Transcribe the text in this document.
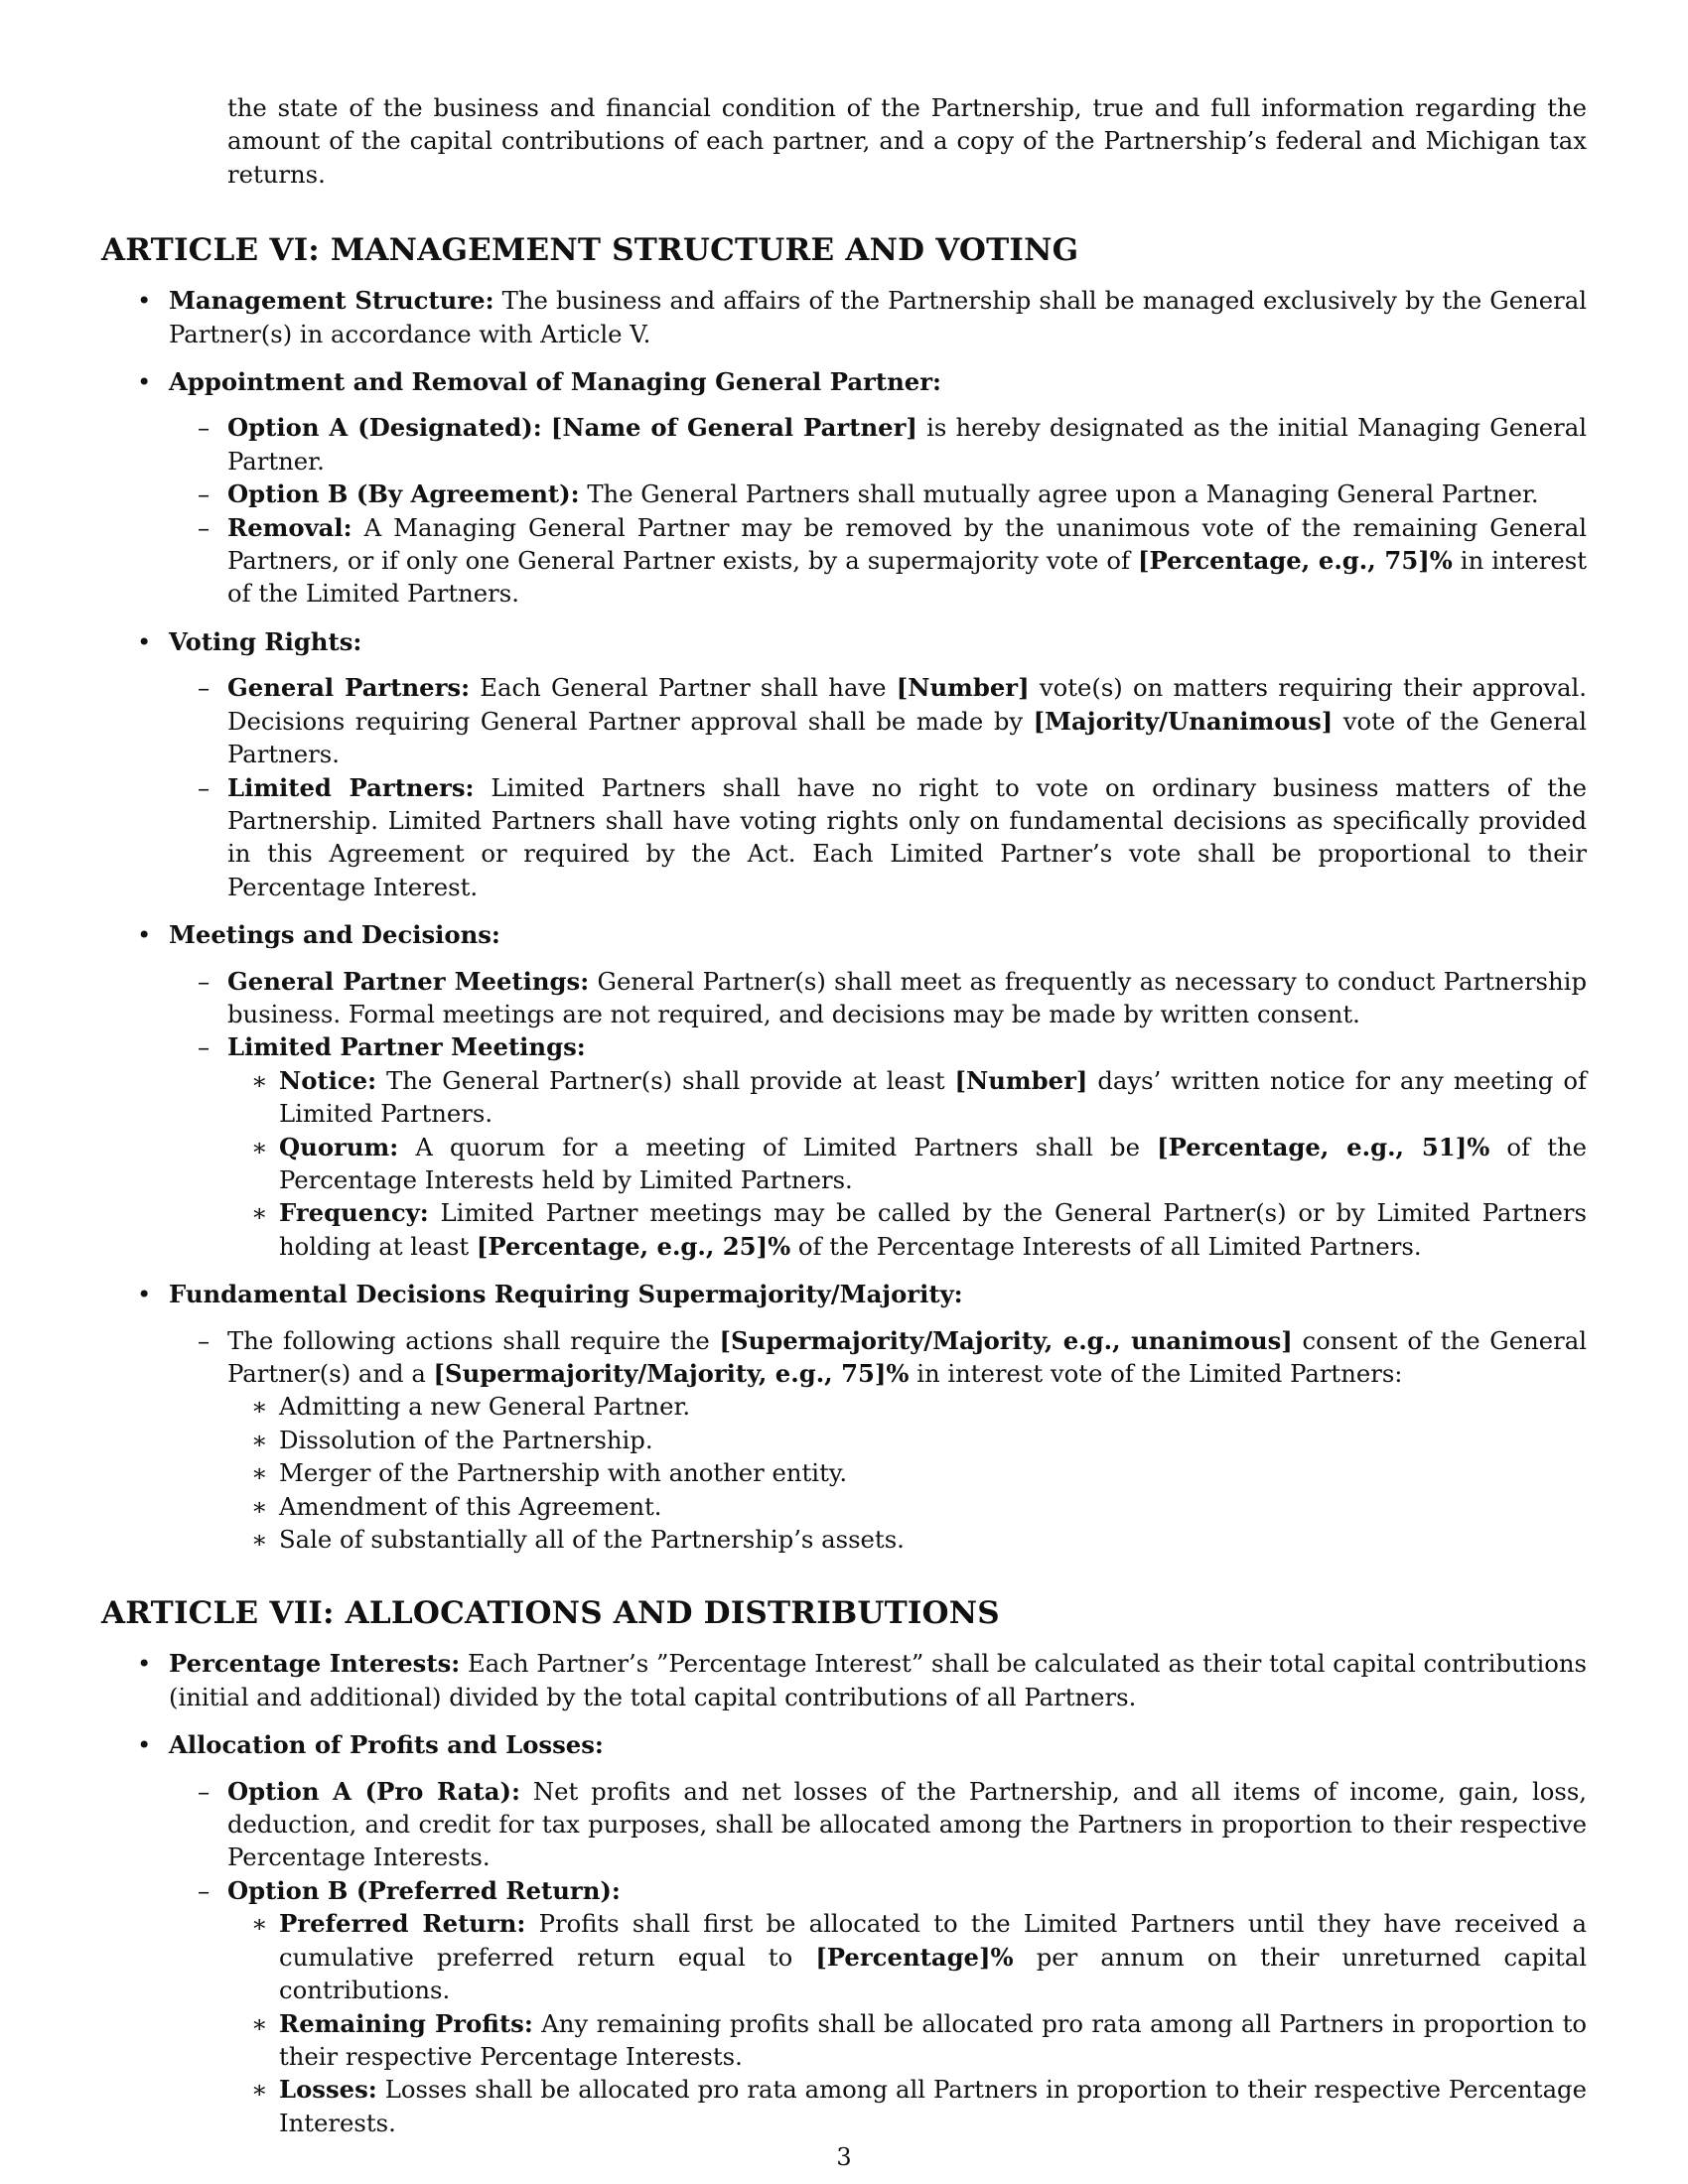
the state of the business and financial condition of the Partnership, true and full information regarding the amount of the capital contributions of each partner, and a copy of the Partnership’s federal and Michigan tax returns.
ARTICLE VI: MANAGEMENT STRUCTURE AND VOTING
• Management Structure: The business and affairs of the Partnership shall be managed exclusively by the General Partner(s) in accordance with Article V.
• Appointment and Removal of Managing General Partner:
– Option A (Designated): [Name of General Partner] is hereby designated as the initial Managing General Partner.
– Option B (By Agreement): The General Partners shall mutually agree upon a Managing General Partner.
– Removal: A Managing General Partner may be removed by the unanimous vote of the remaining General Partners, or if only one General Partner exists, by a supermajority vote of [Percentage, e.g., 75]% in interest of the Limited Partners.
• Voting Rights:
– General Partners: Each General Partner shall have [Number] vote(s) on matters requiring their approval. Decisions requiring General Partner approval shall be made by [Majority/Unanimous] vote of the General Partners.
– Limited Partners: Limited Partners shall have no right to vote on ordinary business matters of the Partnership. Limited Partners shall have voting rights only on fundamental decisions as specifically provided in this Agreement or required by the Act. Each Limited Partner’s vote shall be proportional to their Percentage Interest.
• Meetings and Decisions:
– General Partner Meetings: General Partner(s) shall meet as frequently as necessary to conduct Partnership business. Formal meetings are not required, and decisions may be made by written consent.
– Limited Partner Meetings:
∗ Notice: The General Partner(s) shall provide at least [Number] days’ written notice for any meeting of Limited Partners.
∗ Quorum: A quorum for a meeting of Limited Partners shall be [Percentage, e.g., 51]% of the Percentage Interests held by Limited Partners.
∗ Frequency: Limited Partner meetings may be called by the General Partner(s) or by Limited Partners holding at least [Percentage, e.g., 25]% of the Percentage Interests of all Limited Partners.
• Fundamental Decisions Requiring Supermajority/Majority:
– The following actions shall require the [Supermajority/Majority, e.g., unanimous] consent of the General Partner(s) and a [Supermajority/Majority, e.g., 75]% in interest vote of the Limited Partners:
∗ Admitting a new General Partner.
∗ Dissolution of the Partnership.
∗ Merger of the Partnership with another entity.
∗ Amendment of this Agreement.
∗ Sale of substantially all of the Partnership’s assets.
ARTICLE VII: ALLOCATIONS AND DISTRIBUTIONS
• Percentage Interests: Each Partner’s ”Percentage Interest” shall be calculated as their total capital contributions (initial and additional) divided by the total capital contributions of all Partners.
• Allocation of Profits and Losses:
– Option A (Pro Rata): Net profits and net losses of the Partnership, and all items of income, gain, loss, deduction, and credit for tax purposes, shall be allocated among the Partners in proportion to their respective Percentage Interests.
– Option B (Preferred Return):
∗ Preferred Return: Profits shall first be allocated to the Limited Partners until they have received a cumulative preferred return equal to [Percentage]% per annum on their unreturned capital contributions.
∗ Remaining Profits: Any remaining profits shall be allocated pro rata among all Partners in proportion to their respective Percentage Interests.
∗ Losses: Losses shall be allocated pro rata among all Partners in proportion to their respective Percentage Interests.
3
